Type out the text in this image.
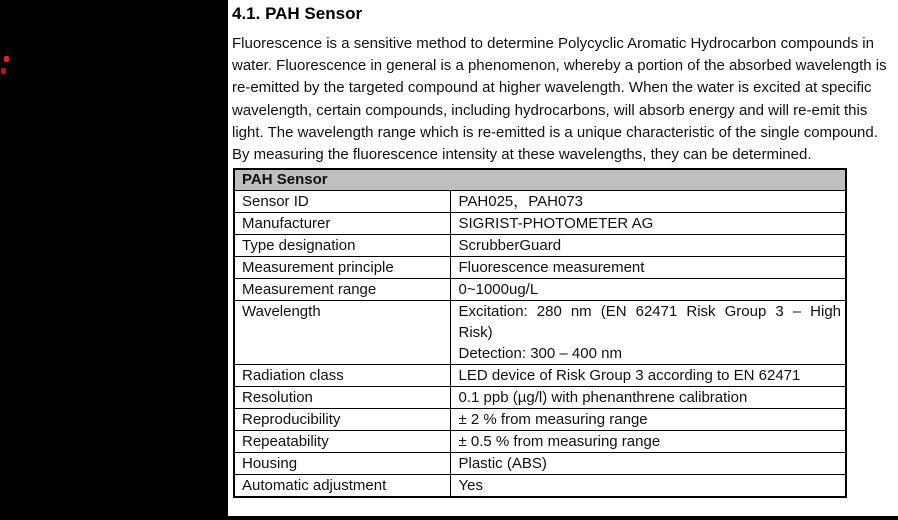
4.1. PAH Sensor
Fluorescence is a sensitive method to determine Polycyclic Aromatic Hydrocarbon compounds in water. Fluorescence in general is a phenomenon, whereby a portion of the absorbed wavelength is re-emitted by the targeted compound at higher wavelength. When the water is excited at specific wavelength, certain compounds, including hydrocarbons, will absorb energy and will re-emit this light. The wavelength range which is re-emitted is a unique characteristic of the single compound. By measuring the fluorescence intensity at these wavelengths, they can be determined.
PAH Sensor	
Sensor ID	PAH025，PAH073
Manufacturer	SIGRIST-PHOTOMETER AG
Type designation	ScrubberGuard
Measurement principle	Fluorescence measurement
Measurement range	0~1000ug/L
Wavelength	Excitation: 280 nm (EN 62471 Risk Group 3 – High
Risk)
Detection: 300 – 400 nm

Radiation class	LED device of Risk Group 3 according to EN 62471
Resolution	0.1 ppb (µg/l) with phenanthrene calibration
Reproducibility	± 2 % from measuring range
Repeatability	± 0.5 % from measuring range
Housing	Plastic (ABS)
Automatic adjustment	Yes
